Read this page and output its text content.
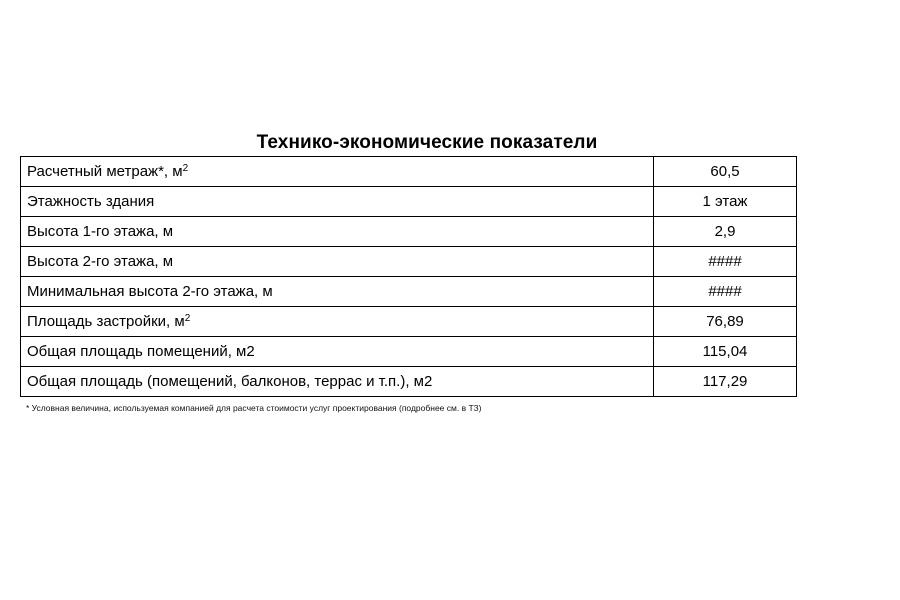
Технико-экономические показатели
Расчетный метраж*, $м^2$	60,5
Этажность здания	1 этаж
Высота 1-го этажа, м	2,9
Высота 2-го этажа, м	####
Минимальная высота 2-го этажа, м	####
Площадь застройки, $м^2$	76,89
Общая площадь помещений, м2	115,04
Общая площадь (помещений, балконов, террас и т.п.), м2	117,29
* Условная величина, используемая компанией для расчета стоимости услуг проектирования (подробнее см. в ТЗ)
